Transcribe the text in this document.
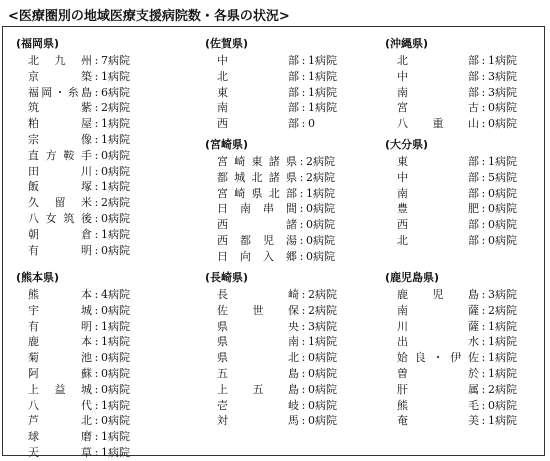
<医療圏別の地域医療支援病院数・各県の状況>
(福岡県)
北 九 州 : 7病院
京	築 : 1病院
福 岡 ・ 糸 島 : 6病院
筑	紫 : 2病院
粕	屋 : 1病院
宗	像 : 1病院
直 方 鞍 手 : 0病院
田	川 : 0病院
飯	塚 : 1病院
久 留 米 : 2病院
八 女 筑 後 : 0病院
朝	倉 : 1病院
有	明 : 0病院
(佐賀県)
中	部 : 1病院
北	部 : 1病院
東	部 : 1病院
南	部 : 1病院
西	部 : 0
(宮崎県)
宮 崎 東 諸 県 : 2病院
都 城 北 諸 県 : 2病院
宮 崎 県 北 部 : 1病院
日 南 串 間 : 0病院
西	諸 : 0病院
西 都 児 湯 : 0病院
日 向 入 郷 : 0病院
(沖縄県)
北	部 : 1病院
中	部 : 3病院
南	部 : 3病院
宮	古 : 0病院
八 重 山 : 0病院
(大分県)
東	部 : 1病院
中	部 : 5病院
南	部 : 0病院
豊	肥 : 0病院
西	部 : 0病院
北	部 : 0病院
(熊本県)
熊	本 : 4病院
宇	城 : 0病院
有	明 : 1病院
鹿	本 : 1病院
菊	池 : 0病院
阿	蘇 : 0病院
上 益 城 : 0病院
八	代 : 1病院
芦	北 : 0病院
球	磨 : 1病院
天	草 : 1病院
(長崎県)
長	崎 : 2病院
佐 世 保 : 2病院
県	央 : 3病院
県	南 : 1病院
県	北 : 0病院
五	島 : 0病院
上 五 島 : 0病院
壱	岐 : 0病院
対	馬 : 0病院
(鹿児島県)
鹿 児 島 : 3病院
南	薩 : 2病院
川	薩 : 1病院
出	水 : 1病院
姶 良 ・ 伊 佐 : 1病院
曽	於 : 1病院
肝	属 : 2病院
熊	毛 : 0病院
奄	美 : 1病院
